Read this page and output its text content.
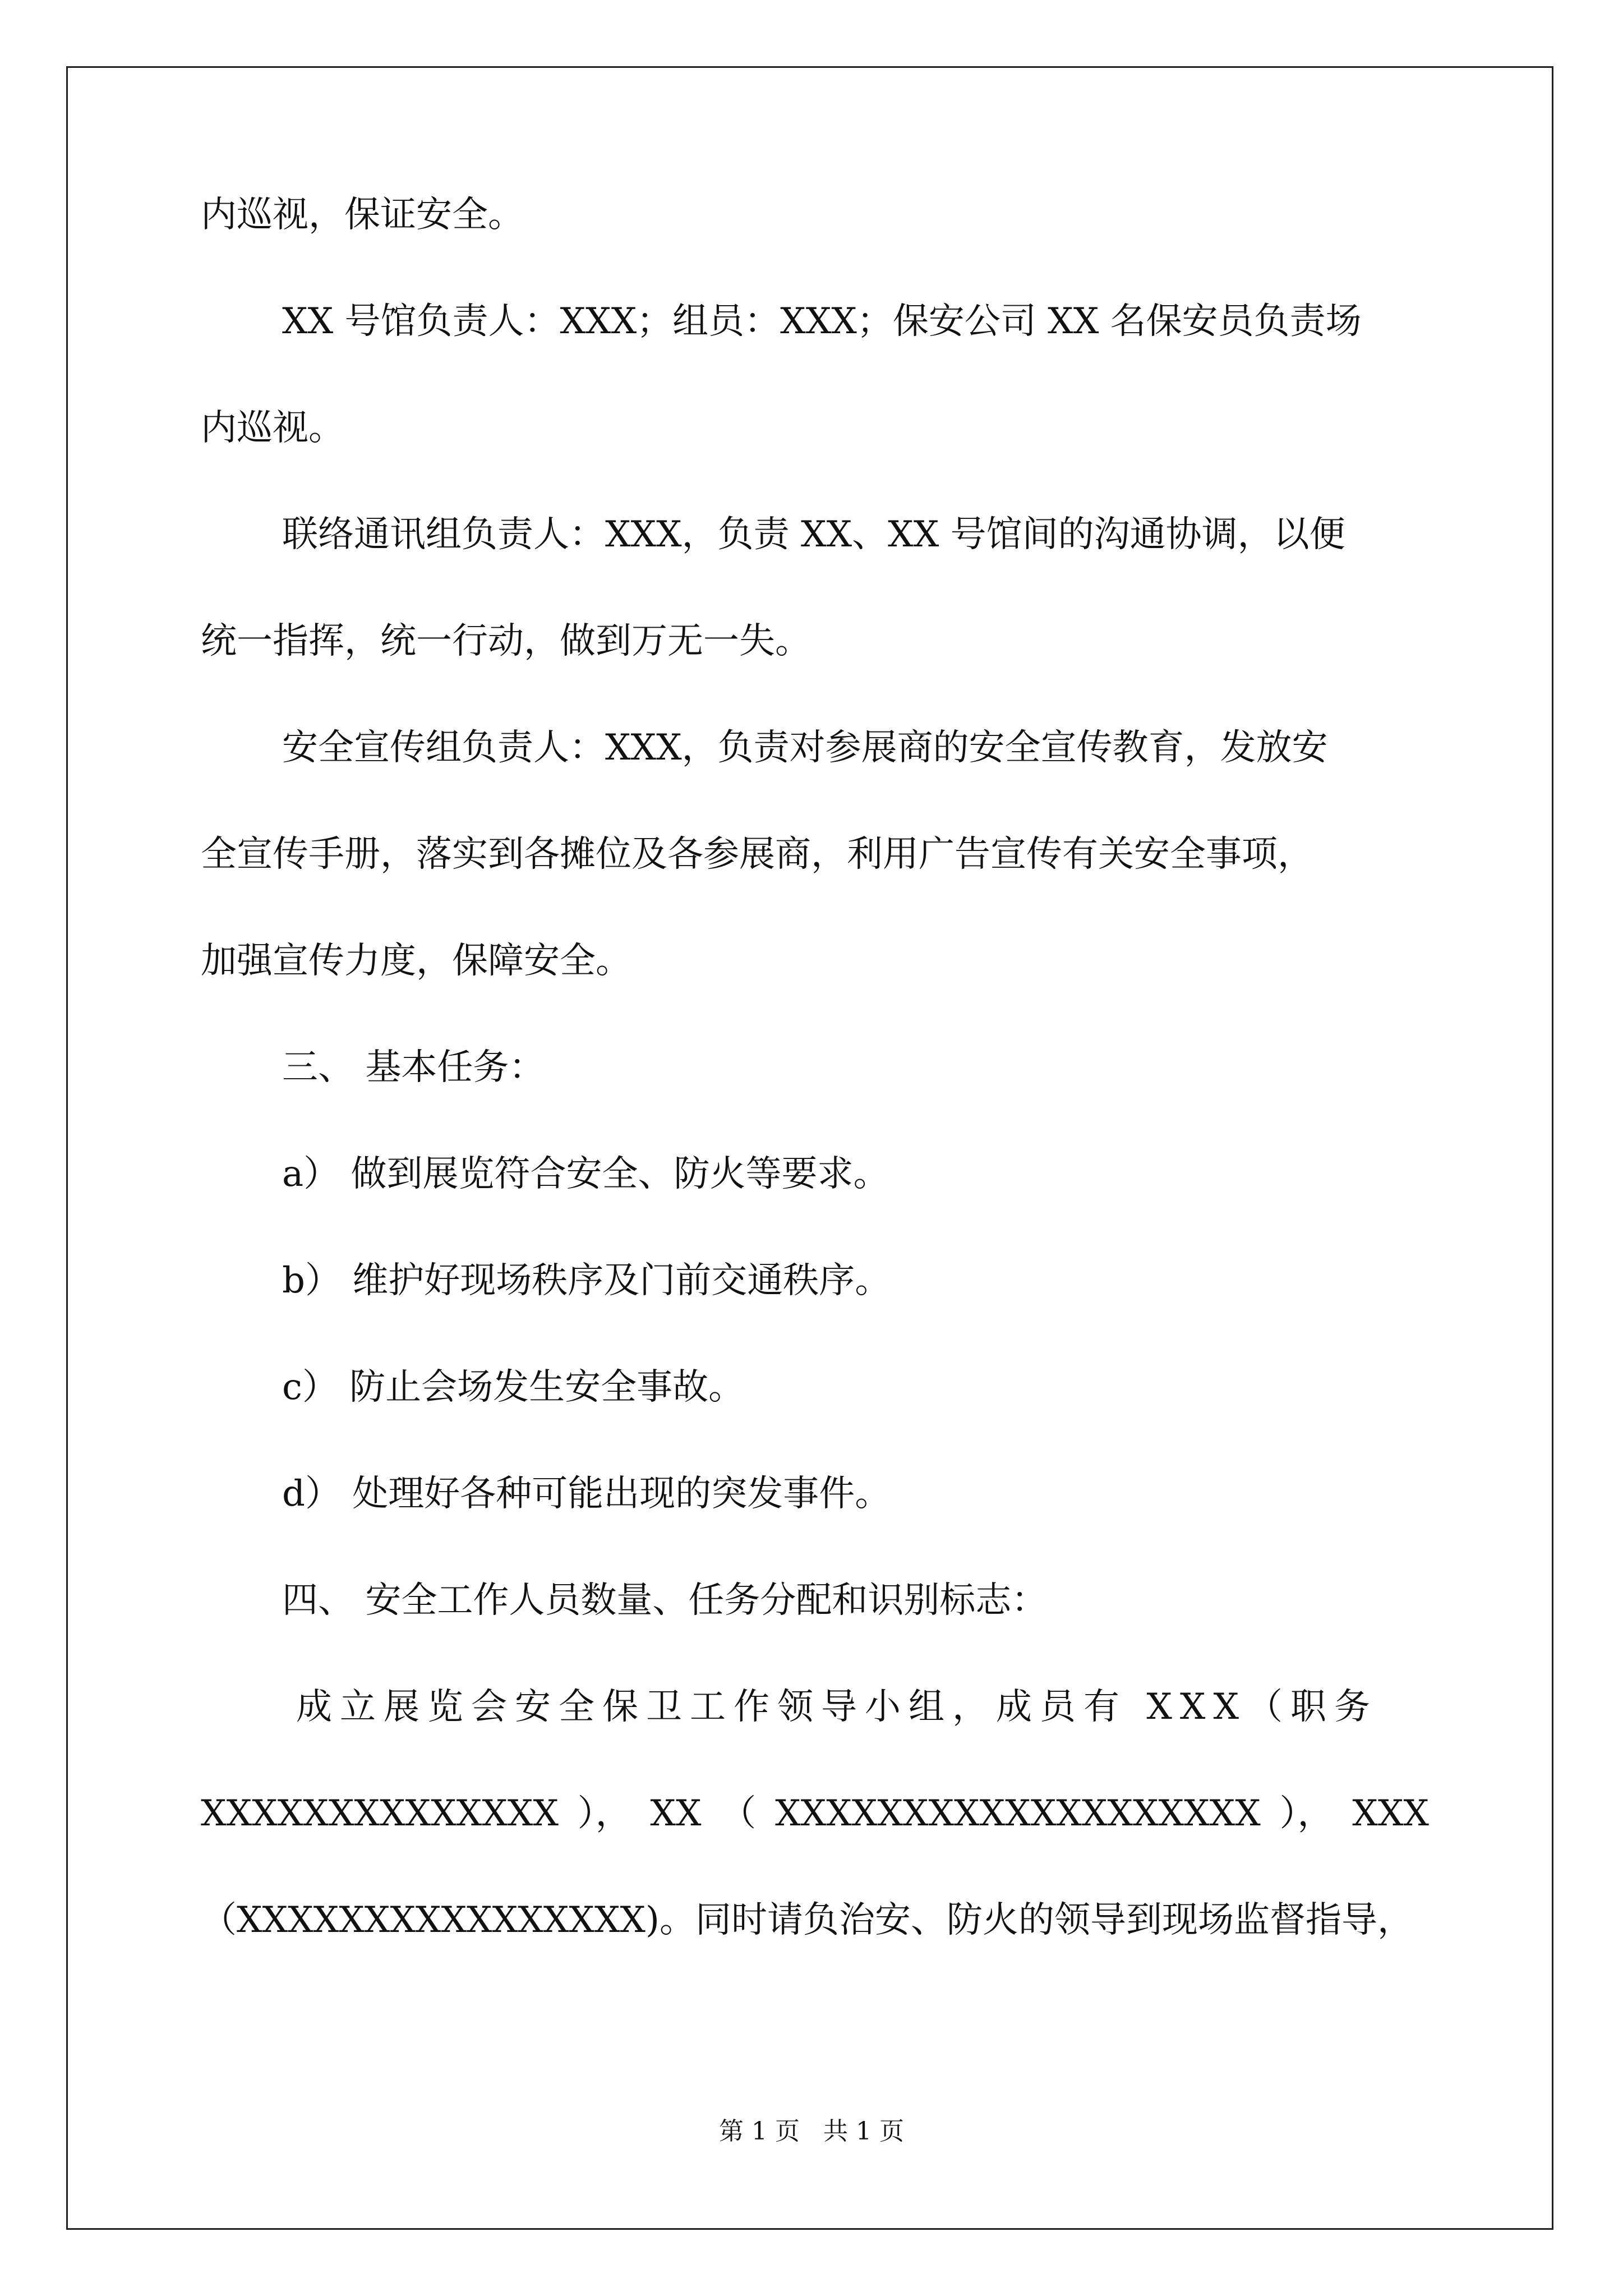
内巡视，保证安全。

XX 号馆负责人：XXX；组员：XXX；保安公司 XX 名保安员负责场

内巡视。

联络通讯组负责人：XXX，负责 XX、XX 号馆间的沟通协调，以便

统一指挥，统一行动，做到万无一失。

安全宣传组负责人：XXX，负责对参展商的安全宣传教育，发放安

全宣传手册，落实到各摊位及各参展商，利用广告宣传有关安全事项，

加强宣传力度，保障安全。

三、 基本任务：

a） 做到展览符合安全、防火等要求。

b） 维护好现场秩序及门前交通秩序。

c） 防止会场发生安全事故。

d） 处理好各种可能出现的突发事件。

四、 安全工作人员数量、任务分配和识别标志：

成立展览会安全保卫工作领导小组，成员有 XXX（职务

XXXXXXXXXXXXXX ）， XX （ XXXXXXXXXXXXXXXXXXX ）， XXX

（XXXXXXXXXXXXXXXX)。同时请负治安、防火的领导到现场监督指导，

第 1 页   共 1 页
